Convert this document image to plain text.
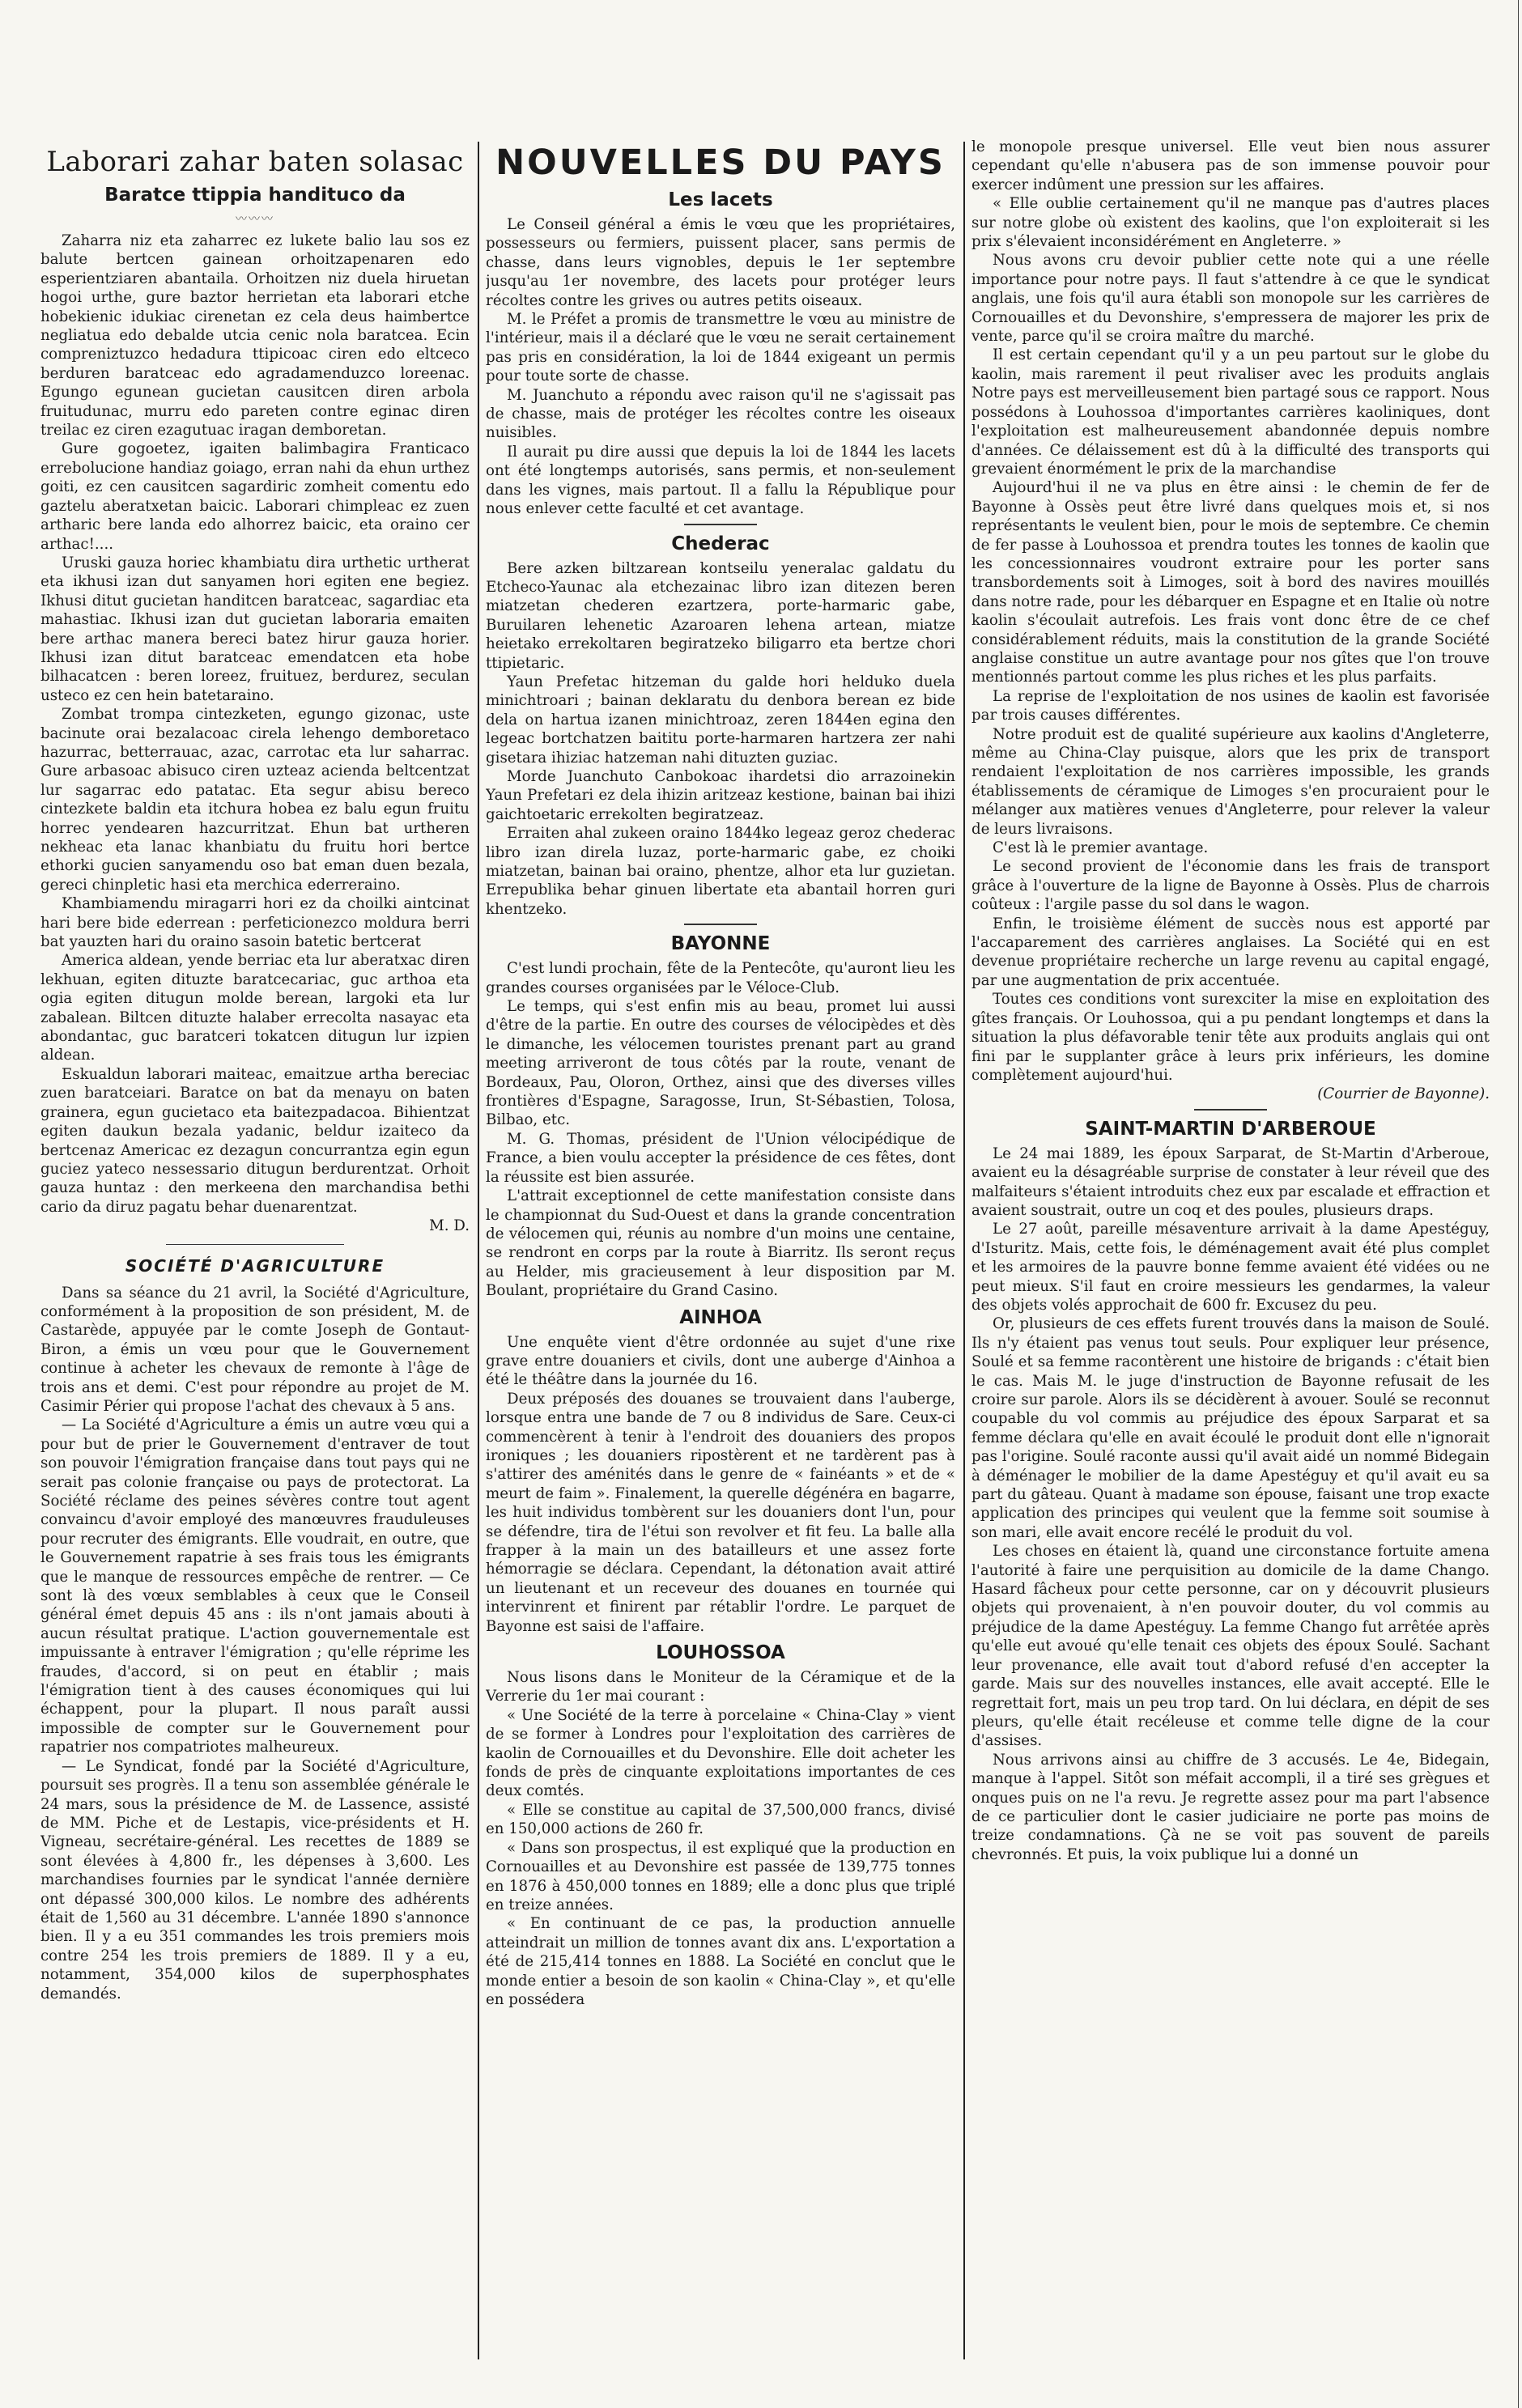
Laborari zahar baten solasac
Baratce ttippia handituco da
〰〰〰

Zaharra niz eta zaharrec ez lukete balio lau sos ez balute bertcen gainean orhoitzapenaren edo esperientziaren abantaila. Orhoitzen niz duela hiruetan hogoi urthe, gure baztor herrietan eta laborari etche hobekienic idukiac cirenetan ez cela deus haimbertce negliatua edo debalde utcia cenic nola baratcea. Ecin compreniztuzco hedadura ttipicoac ciren edo eltceco berduren baratceac edo agradamenduzco loreenac. Egungo egunean gucietan causitcen diren arbola fruitudunac, murru edo pareten contre eginac diren treilac ez ciren ezagutuac iragan demboretan.

Gure gogoetez, igaiten balimbagira Franticaco errebolucione handiaz goiago, erran nahi da ehun urthez goiti, ez cen causitcen sagardiric zomheit comentu edo gaztelu aberatxetan baicic. Laborari chimpleac ez zuen artharic bere landa edo alhorrez baicic, eta oraino cer arthac!....

Uruski gauza horiec khambiatu dira urthetic urtherat eta ikhusi izan dut sanyamen hori egiten ene begiez. Ikhusi ditut gucietan handitcen baratceac, sagardiac eta mahastiac. Ikhusi izan dut gucietan laboraria emaiten bere arthac manera bereci batez hirur gauza horier. Ikhusi izan ditut baratceac emendatcen eta hobe bilhacatcen : beren loreez, fruituez, berdurez, seculan usteco ez cen hein batetaraino.

Zombat trompa cintezketen, egungo gizonac, uste bacinute orai bezalacoac cirela lehengo demboretaco hazurrac, betterrauac, azac, carrotac eta lur saharrac. Gure arbasoac abisuco ciren uzteaz acienda beltcentzat lur sagarrac edo patatac. Eta segur abisu bereco cintezkete baldin eta itchura hobea ez balu egun fruitu horrec yendearen hazcurritzat. Ehun bat urtheren nekheac eta lanac khanbiatu du fruitu hori bertce ethorki gucien sanyamendu oso bat eman duen bezala, gereci chinpletic hasi eta merchica ederreraino.

Khambiamendu miragarri hori ez da choilki aintcinat hari bere bide ederrean : perfeticionezco moldura berri bat yauzten hari du oraino sasoin batetic bertcerat

America aldean, yende berriac eta lur aberatxac diren lekhuan, egiten dituzte baratcecariac, guc arthoa eta ogia egiten ditugun molde berean, largoki eta lur zabalean. Biltcen dituzte halaber errecolta nasayac eta abondantac, guc baratceri tokatcen ditugun lur izpien aldean.

Eskualdun laborari maiteac, emaitzue artha bereciac zuen baratceiari. Baratce on bat da menayu on baten grainera, egun gucietaco eta baitezpadacoa. Bihientzat egiten daukun bezala yadanic, beldur izaiteco da bertcenaz Americac ez dezagun concurrantza egin egun guciez yateco nessessario ditugun berdurentzat. Orhoit gauza huntaz : den merkeena den marchandisa bethi cario da diruz pagatu behar duenarentzat.

M. D.

SOCIÉTÉ D'AGRICULTURE

Dans sa séance du 21 avril, la Société d'Agriculture, conformément à la proposition de son président, M. de Castarède, appuyée par le comte Joseph de Gontaut-Biron, a émis un vœu pour que le Gouvernement continue à acheter les chevaux de remonte à l'âge de trois ans et demi. C'est pour répondre au projet de M. Casimir Périer qui propose l'achat des chevaux à 5 ans.

— La Société d'Agriculture a émis un autre vœu qui a pour but de prier le Gouvernement d'entraver de tout son pouvoir l'émigration française dans tout pays qui ne serait pas colonie française ou pays de protectorat. La Société réclame des peines sévères contre tout agent convaincu d'avoir employé des manœuvres frauduleuses pour recruter des émigrants. Elle voudrait, en outre, que le Gouvernement rapatrie à ses frais tous les émigrants que le manque de ressources empêche de rentrer. — Ce sont là des vœux semblables à ceux que le Conseil général émet depuis 45 ans : ils n'ont jamais abouti à aucun résultat pratique. L'action gouvernementale est impuissante à entraver l'émigration ; qu'elle réprime les fraudes, d'accord, si on peut en établir ; mais l'émigration tient à des causes économiques qui lui échappent, pour la plupart. Il nous paraît aussi impossible de compter sur le Gouvernement pour rapatrier nos compatriotes malheureux.

— Le Syndicat, fondé par la Société d'Agriculture, poursuit ses progrès. Il a tenu son assemblée générale le 24 mars, sous la présidence de M. de Lassence, assisté de MM. Piche et de Lestapis, vice-présidents et H. Vigneau, secrétaire-général. Les recettes de 1889 se sont élevées à 4,800 fr., les dépenses à 3,600. Les marchandises fournies par le syndicat l'année dernière ont dépassé 300,000 kilos. Le nombre des adhérents était de 1,560 au 31 décembre. L'année 1890 s'annonce bien. Il y a eu 351 commandes les trois premiers mois contre 254 les trois premiers de 1889. Il y a eu, notamment, 354,000 kilos de superphosphates demandés.

NOUVELLES DU PAYS
Les lacets

Le Conseil général a émis le vœu que les propriétaires, possesseurs ou fermiers, puissent placer, sans permis de chasse, dans leurs vignobles, depuis le 1er septembre jusqu'au 1er novembre, des lacets pour protéger leurs récoltes contre les grives ou autres petits oiseaux.

M. le Préfet a promis de transmettre le vœu au ministre de l'intérieur, mais il a déclaré que le vœu ne serait certainement pas pris en considération, la loi de 1844 exigeant un permis pour toute sorte de chasse.

M. Juanchuto a répondu avec raison qu'il ne s'agissait pas de chasse, mais de protéger les récoltes contre les oiseaux nuisibles.

Il aurait pu dire aussi que depuis la loi de 1844 les lacets ont été longtemps autorisés, sans permis, et non-seulement dans les vignes, mais partout. Il a fallu la République pour nous enlever cette faculté et cet avantage.

Chederac

Bere azken biltzarean kontseilu yeneralac galdatu du Etcheco-Yaunac ala etchezainac libro izan ditezen beren miatzetan chederen ezartzera, porte-harmaric gabe, Buruilaren lehenetic Azaroaren lehena artean, miatze heietako errekoltaren begiratzeko biligarro eta bertze chori ttipietaric.

Yaun Prefetac hitzeman du galde hori helduko duela minichtroari ; bainan deklaratu du denbora berean ez bide dela on hartua izanen minichtroaz, zeren 1844en egina den legeac bortchatzen baititu porte-harmaren hartzera zer nahi gisetara ihiziac hatzeman nahi dituzten guziac.

Morde Juanchuto Canbokoac ihardetsi dio arrazoinekin Yaun Prefetari ez dela ihizin aritzeaz kestione, bainan bai ihizi gaichtoetaric errekolten begiratzeaz.

Erraiten ahal zukeen oraino 1844ko legeaz geroz chederac libro izan direla luzaz, porte-harmaric gabe, ez choiki miatzetan, bainan bai oraino, phentze, alhor eta lur guzietan. Errepublika behar ginuen libertate eta abantail horren guri khentzeko.

BAYONNE

C'est lundi prochain, fête de la Pentecôte, qu'auront lieu les grandes courses organisées par le Véloce-Club.

Le temps, qui s'est enfin mis au beau, promet lui aussi d'être de la partie. En outre des courses de vélocipèdes et dès le dimanche, les vélocemen touristes prenant part au grand meeting arriveront de tous côtés par la route, venant de Bordeaux, Pau, Oloron, Orthez, ainsi que des diverses villes frontières d'Espagne, Saragosse, Irun, St-Sébastien, Tolosa, Bilbao, etc.

M. G. Thomas, président de l'Union vélocipédique de France, a bien voulu accepter la présidence de ces fêtes, dont la réussite est bien assurée.

L'attrait exceptionnel de cette manifestation consiste dans le championnat du Sud-Ouest et dans la grande concentration de vélocemen qui, réunis au nombre d'un moins une centaine, se rendront en corps par la route à Biarritz. Ils seront reçus au Helder, mis gracieusement à leur disposition par M. Boulant, propriétaire du Grand Casino.

AINHOA

Une enquête vient d'être ordonnée au sujet d'une rixe grave entre douaniers et civils, dont une auberge d'Ainhoa a été le théâtre dans la journée du 16.

Deux préposés des douanes se trouvaient dans l'auberge, lorsque entra une bande de 7 ou 8 individus de Sare. Ceux-ci commencèrent à tenir à l'endroit des douaniers des propos ironiques ; les douaniers ripostèrent et ne tardèrent pas à s'attirer des aménités dans le genre de « fainéants » et de « meurt de faim ». Finalement, la querelle dégénéra en bagarre, les huit individus tombèrent sur les douaniers dont l'un, pour se défendre, tira de l'étui son revolver et fit feu. La balle alla frapper à la main un des batailleurs et une assez forte hémorragie se déclara. Cependant, la détonation avait attiré un lieutenant et un receveur des douanes en tournée qui intervinrent et finirent par rétablir l'ordre. Le parquet de Bayonne est saisi de l'affaire.

LOUHOSSOA

Nous lisons dans le Moniteur de la Céramique et de la Verrerie du 1er mai courant :

« Une Société de la terre à porcelaine « China-Clay » vient de se former à Londres pour l'exploitation des carrières de kaolin de Cornouailles et du Devonshire. Elle doit acheter les fonds de près de cinquante exploitations importantes de ces deux comtés.

« Elle se constitue au capital de 37,500,000 francs, divisé en 150,000 actions de 260 fr.

« Dans son prospectus, il est expliqué que la production en Cornouailles et au Devonshire est passée de 139,775 tonnes en 1876 à 450,000 tonnes en 1889; elle a donc plus que triplé en treize années.

« En continuant de ce pas, la production annuelle atteindrait un million de tonnes avant dix ans. L'exportation a été de 215,414 tonnes en 1888. La Société en conclut que le monde entier a besoin de son kaolin « China-Clay », et qu'elle en possédera

le monopole presque universel. Elle veut bien nous assurer cependant qu'elle n'abusera pas de son immense pouvoir pour exercer indûment une pression sur les affaires.

« Elle oublie certainement qu'il ne manque pas d'autres places sur notre globe où existent des kaolins, que l'on exploiterait si les prix s'élevaient inconsidérément en Angleterre. »

Nous avons cru devoir publier cette note qui a une réelle importance pour notre pays. Il faut s'attendre à ce que le syndicat anglais, une fois qu'il aura établi son monopole sur les carrières de Cornouailles et du Devonshire, s'empressera de majorer les prix de vente, parce qu'il se croira maître du marché.

Il est certain cependant qu'il y a un peu partout sur le globe du kaolin, mais rarement il peut rivaliser avec les produits anglais Notre pays est merveilleusement bien partagé sous ce rapport. Nous possédons à Louhossoa d'importantes carrières kaoliniques, dont l'exploitation est malheureusement abandonnée depuis nombre d'années. Ce délaissement est dû à la difficulté des transports qui grevaient énormément le prix de la marchandise

Aujourd'hui il ne va plus en être ainsi : le chemin de fer de Bayonne à Ossès peut être livré dans quelques mois et, si nos représentants le veulent bien, pour le mois de septembre. Ce chemin de fer passe à Louhossoa et prendra toutes les tonnes de kaolin que les concessionnaires voudront extraire pour les porter sans transbordements soit à Limoges, soit à bord des navires mouillés dans notre rade, pour les débarquer en Espagne et en Italie où notre kaolin s'écoulait autrefois. Les frais vont donc être de ce chef considérablement réduits, mais la constitution de la grande Société anglaise constitue un autre avantage pour nos gîtes que l'on trouve mentionnés partout comme les plus riches et les plus parfaits.

La reprise de l'exploitation de nos usines de kaolin est favorisée par trois causes différentes.

Notre produit est de qualité supérieure aux kaolins d'Angleterre, même au China-Clay puisque, alors que les prix de transport rendaient l'exploitation de nos carrières impossible, les grands établissements de céramique de Limoges s'en procuraient pour le mélanger aux matières venues d'Angleterre, pour relever la valeur de leurs livraisons.

C'est là le premier avantage.

Le second provient de l'économie dans les frais de transport grâce à l'ouverture de la ligne de Bayonne à Ossès. Plus de charrois coûteux : l'argile passe du sol dans le wagon.

Enfin, le troisième élément de succès nous est apporté par l'accaparement des carrières anglaises. La Société qui en est devenue propriétaire recherche un large revenu au capital engagé, par une augmentation de prix accentuée.

Toutes ces conditions vont surexciter la mise en exploitation des gîtes français. Or Louhossoa, qui a pu pendant longtemps et dans la situation la plus défavorable tenir tête aux produits anglais qui ont fini par le supplanter grâce à leurs prix inférieurs, les domine complètement aujourd'hui.

(Courrier de Bayonne).

SAINT-MARTIN D'ARBEROUE

Le 24 mai 1889, les époux Sarparat, de St-Martin d'Arberoue, avaient eu la désagréable surprise de constater à leur réveil que des malfaiteurs s'étaient introduits chez eux par escalade et effraction et avaient soustrait, outre un coq et des poules, plusieurs draps.

Le 27 août, pareille mésaventure arrivait à la dame Apestéguy, d'Isturitz. Mais, cette fois, le déménagement avait été plus complet et les armoires de la pauvre bonne femme avaient été vidées ou ne peut mieux. S'il faut en croire messieurs les gendarmes, la valeur des objets volés approchait de 600 fr. Excusez du peu.

Or, plusieurs de ces effets furent trouvés dans la maison de Soulé. Ils n'y étaient pas venus tout seuls. Pour expliquer leur présence, Soulé et sa femme racontèrent une histoire de brigands : c'était bien le cas. Mais M. le juge d'instruction de Bayonne refusait de les croire sur parole. Alors ils se décidèrent à avouer. Soulé se reconnut coupable du vol commis au préjudice des époux Sarparat et sa femme déclara qu'elle en avait écoulé le produit dont elle n'ignorait pas l'origine. Soulé raconte aussi qu'il avait aidé un nommé Bidegain à déménager le mobilier de la dame Apestéguy et qu'il avait eu sa part du gâteau. Quant à madame son épouse, faisant une trop exacte application des principes qui veulent que la femme soit soumise à son mari, elle avait encore recélé le produit du vol.

Les choses en étaient là, quand une circonstance fortuite amena l'autorité à faire une perquisition au domicile de la dame Chango. Hasard fâcheux pour cette personne, car on y découvrit plusieurs objets qui provenaient, à n'en pouvoir douter, du vol commis au préjudice de la dame Apestéguy. La femme Chango fut arrêtée après qu'elle eut avoué qu'elle tenait ces objets des époux Soulé. Sachant leur provenance, elle avait tout d'abord refusé d'en accepter la garde. Mais sur des nouvelles instances, elle avait accepté. Elle le regrettait fort, mais un peu trop tard. On lui déclara, en dépit de ses pleurs, qu'elle était recéleuse et comme telle digne de la cour d'assises.

Nous arrivons ainsi au chiffre de 3 accusés. Le 4e, Bidegain, manque à l'appel. Sitôt son méfait accompli, il a tiré ses grègues et onques puis on ne l'a revu. Je regrette assez pour ma part l'absence de ce particulier dont le casier judiciaire ne porte pas moins de treize condamnations. Çà ne se voit pas souvent de pareils chevronnés. Et puis, la voix publique lui a donné un
